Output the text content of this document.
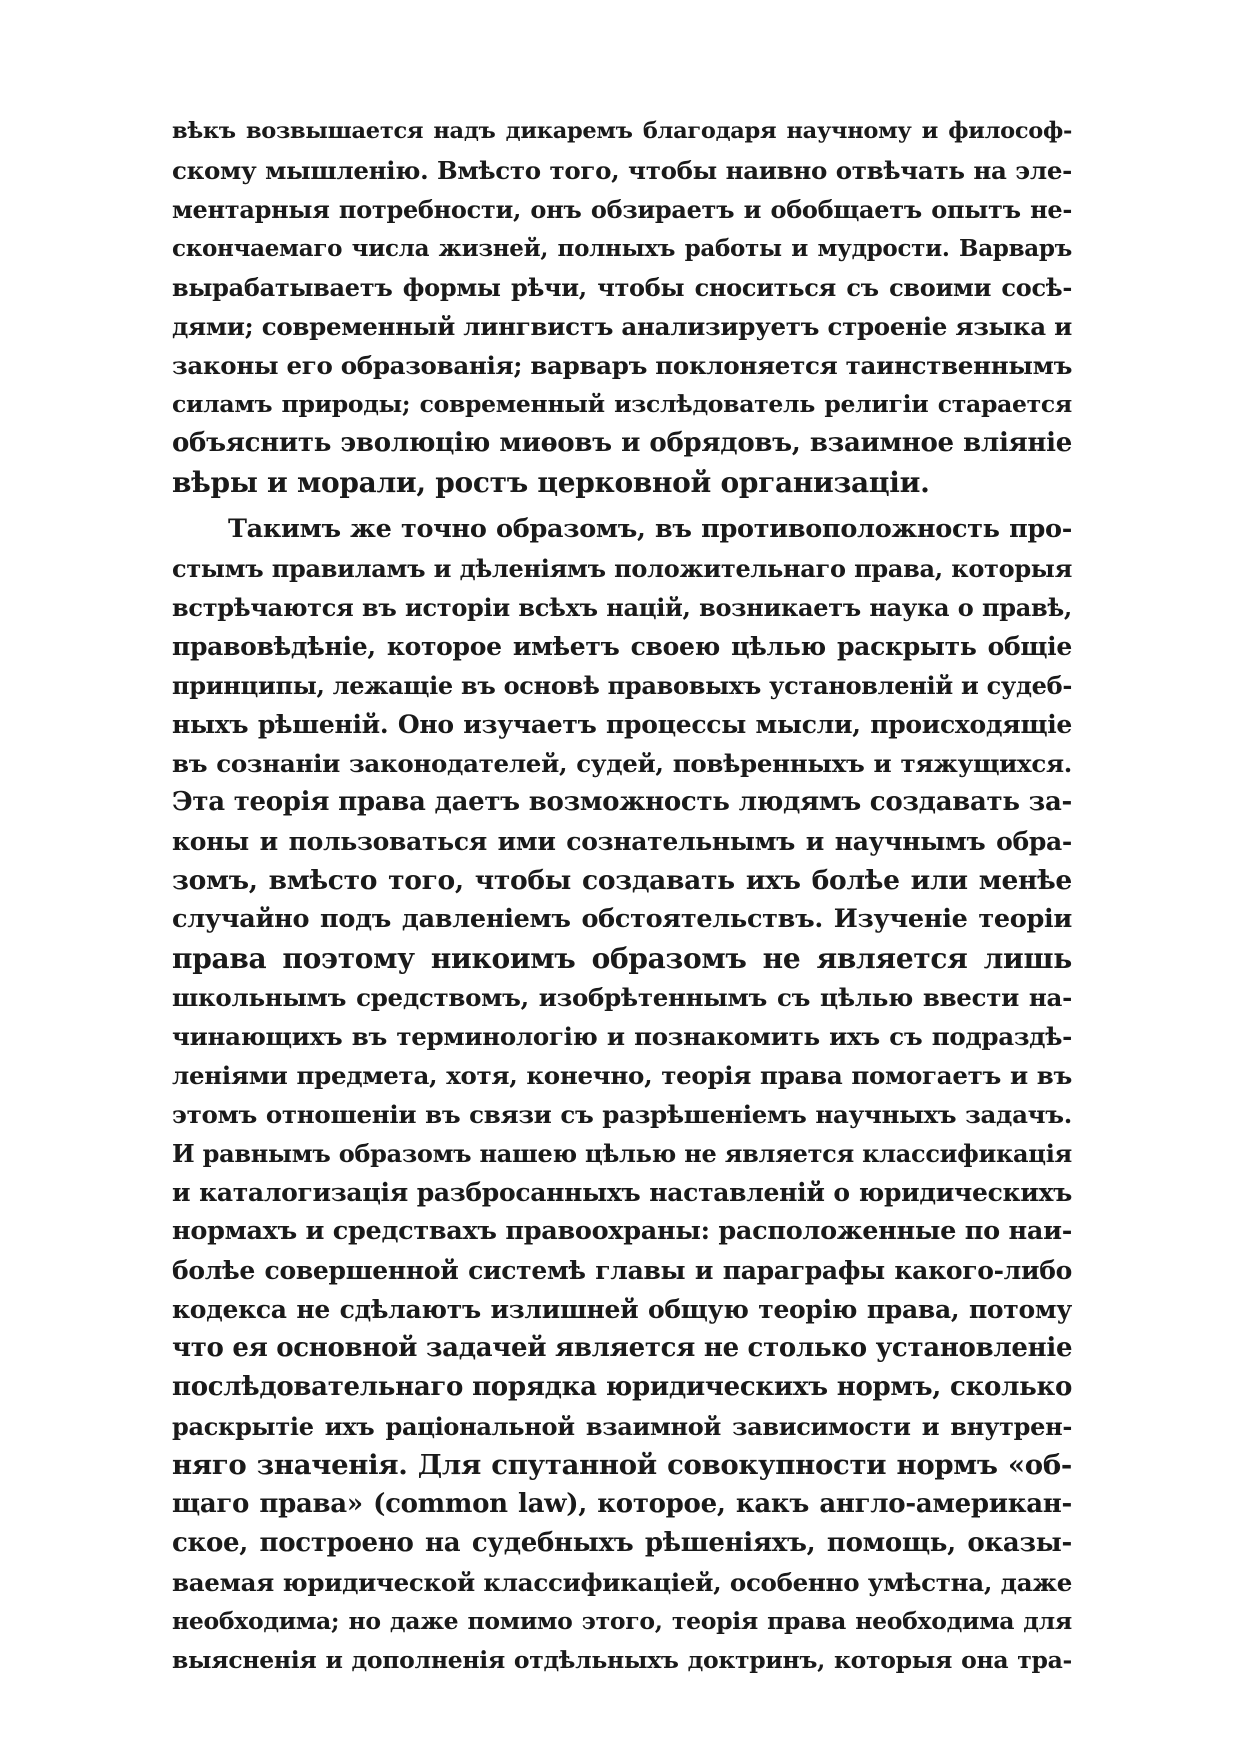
вѣкъ возвышается надъ дикаремъ благодаря научному и философ-
скому мышленію. Вмѣсто того, чтобы наивно отвѣчать на эле-
ментарныя потребности, онъ обзираетъ и обобщаетъ опытъ не-
скончаемаго числа жизней, полныхъ работы и мудрости. Варваръ
вырабатываетъ формы рѣчи, чтобы сноситься съ своими сосѣ-
дями; современный лингвистъ анализируетъ строеніе языка и
законы его образованія; варваръ поклоняется таинственнымъ
силамъ природы; современный изслѣдователь религіи старается
объяснить эволюцію миѳовъ и обрядовъ, взаимное вліяніе
вѣры и морали, ростъ церковной организаціи.
Такимъ же точно образомъ, въ противоположность про-
стымъ правиламъ и дѣленіямъ положительнаго права, которыя
встрѣчаются въ исторіи всѣхъ націй, возникаетъ наука о правѣ,
правовѣдѣніе, которое имѣетъ своею цѣлью раскрыть общіе
принципы, лежащіе въ основѣ правовыхъ установленій и судеб-
ныхъ рѣшеній. Оно изучаетъ процессы мысли, происходящіе
въ сознаніи законодателей, судей, повѣренныхъ и тяжущихся.
Эта теорія права даетъ возможность людямъ создавать за-
коны и пользоваться ими сознательнымъ и научнымъ обра-
зомъ, вмѣсто того, чтобы создавать ихъ болѣе или менѣе
случайно подъ давленіемъ обстоятельствъ. Изученіе теоріи
права поэтому никоимъ образомъ не является лишь
школьнымъ средствомъ, изобрѣтеннымъ съ цѣлью ввести на-
чинающихъ въ терминологію и познакомить ихъ съ подраздѣ-
леніями предмета, хотя, конечно, теорія права помогаетъ и въ
этомъ отношеніи въ связи съ разрѣшеніемъ научныхъ задачъ.
И равнымъ образомъ нашею цѣлью не является классификація
и каталогизація разбросанныхъ наставленій о юридическихъ
нормахъ и средствахъ правоохраны: расположенные по наи-
болѣе совершенной системѣ главы и параграфы какого-либо
кодекса не сдѣлаютъ излишней общую теорію права, потому
что ея основной задачей является не столько установленіе
послѣдовательнаго порядка юридическихъ нормъ, сколько
раскрытіе ихъ раціональной взаимной зависимости и внутрен-
няго значенія. Для спутанной совокупности нормъ «об-
щаго права» (common law), которое, какъ англо-американ-
ское, построено на судебныхъ рѣшеніяхъ, помощь, оказы-
ваемая юридической классификаціей, особенно умѣстна, даже
необходима; но даже помимо этого, теорія права необходима для
выясненія и дополненія отдѣльныхъ доктринъ, которыя она тра-
